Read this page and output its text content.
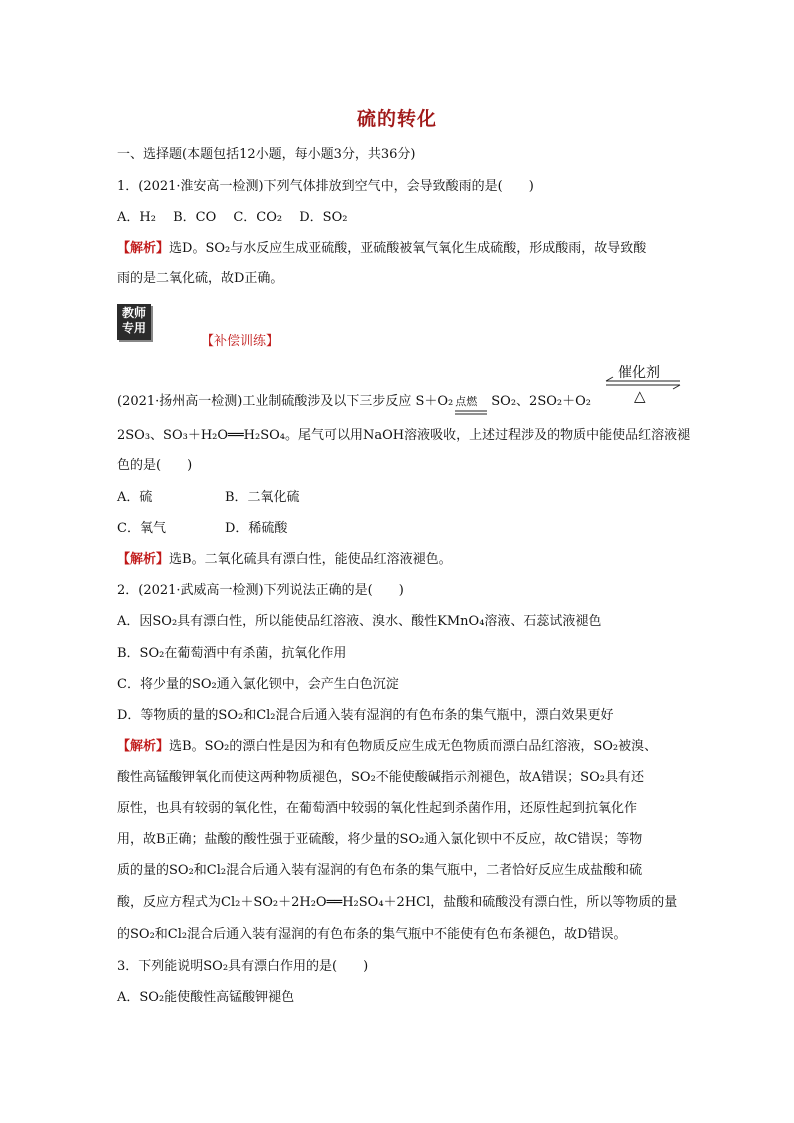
硫的转化
一、选择题(本题包括12小题，每小题3分，共36分)
1．(2021·淮安高一检测)下列气体排放到空气中，会导致酸雨的是(　　)
A．H₂　 B．CO　 C．CO₂　 D．SO₂
【解析】选D。SO₂与水反应生成亚硫酸，亚硫酸被氧气氧化生成硫酸，形成酸雨，故导致酸
雨的是二氧化硫，故D正确。
教师
专用
【补偿训练】
催化剂
△
(2021·扬州高一检测)工业制硫酸涉及以下三步反应 S＋O₂ 点燃 SO₂、2SO₂＋O₂
2SO₃、SO₃＋H₂O══H₂SO₄。尾气可以用NaOH溶液吸收，上述过程涉及的物质中能使品红溶液褪
色的是(　　)
A．硫	B．二氧化硫
C．氧气	D．稀硫酸
【解析】选B。二氧化硫具有漂白性，能使品红溶液褪色。
2．(2021·武威高一检测)下列说法正确的是(　　)
A．因SO₂具有漂白性，所以能使品红溶液、溴水、酸性KMnO₄溶液、石蕊试液褪色
B．SO₂在葡萄酒中有杀菌，抗氧化作用
C．将少量的SO₂通入氯化钡中，会产生白色沉淀
D．等物质的量的SO₂和Cl₂混合后通入装有湿润的有色布条的集气瓶中，漂白效果更好
【解析】选B。SO₂的漂白性是因为和有色物质反应生成无色物质而漂白品红溶液，SO₂被溴、
酸性高锰酸钾氧化而使这两种物质褪色，SO₂不能使酸碱指示剂褪色，故A错误；SO₂具有还
原性，也具有较弱的氧化性，在葡萄酒中较弱的氧化性起到杀菌作用，还原性起到抗氧化作
用，故B正确；盐酸的酸性强于亚硫酸，将少量的SO₂通入氯化钡中不反应，故C错误；等物
质的量的SO₂和Cl₂混合后通入装有湿润的有色布条的集气瓶中，二者恰好反应生成盐酸和硫
酸，反应方程式为Cl₂＋SO₂＋2H₂O══H₂SO₄＋2HCl，盐酸和硫酸没有漂白性，所以等物质的量
的SO₂和Cl₂混合后通入装有湿润的有色布条的集气瓶中不能使有色布条褪色，故D错误。
3．下列能说明SO₂具有漂白作用的是(　　)
A．SO₂能使酸性高锰酸钾褪色
